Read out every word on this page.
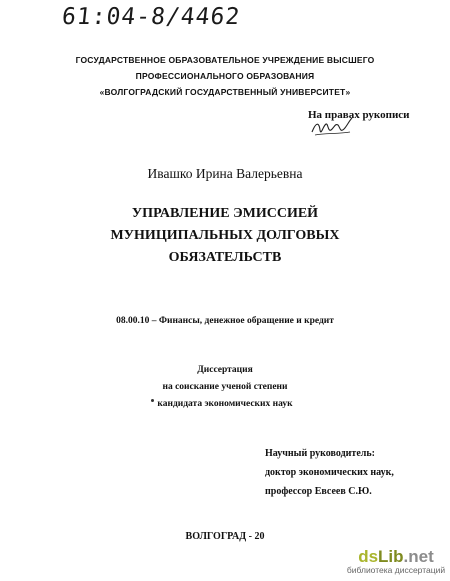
61:04-8/4462
ГОСУДАРСТВЕННОЕ ОБРАЗОВАТЕЛЬНОЕ УЧРЕЖДЕНИЕ ВЫСШЕГО
ПРОФЕССИОНАЛЬНОГО ОБРАЗОВАНИЯ
«ВОЛГОГРАДСКИЙ ГОСУДАРСТВЕННЫЙ УНИВЕРСИТЕТ»
На правах рукописи
Ивашко Ирина Валерьевна
УПРАВЛЕНИЕ ЭМИССИЕЙ
МУНИЦИПАЛЬНЫХ ДОЛГОВЫХ
ОБЯЗАТЕЛЬСТВ
08.00.10 – Финансы, денежное обращение и кредит
Диссертация
на соискание ученой степени
кандидата экономических наук
Научный руководитель:
доктор экономических наук,
профессор Евсеев С.Ю.
ВОЛГОГРАД - 20
dsLib.net
библиотека диссертаций
